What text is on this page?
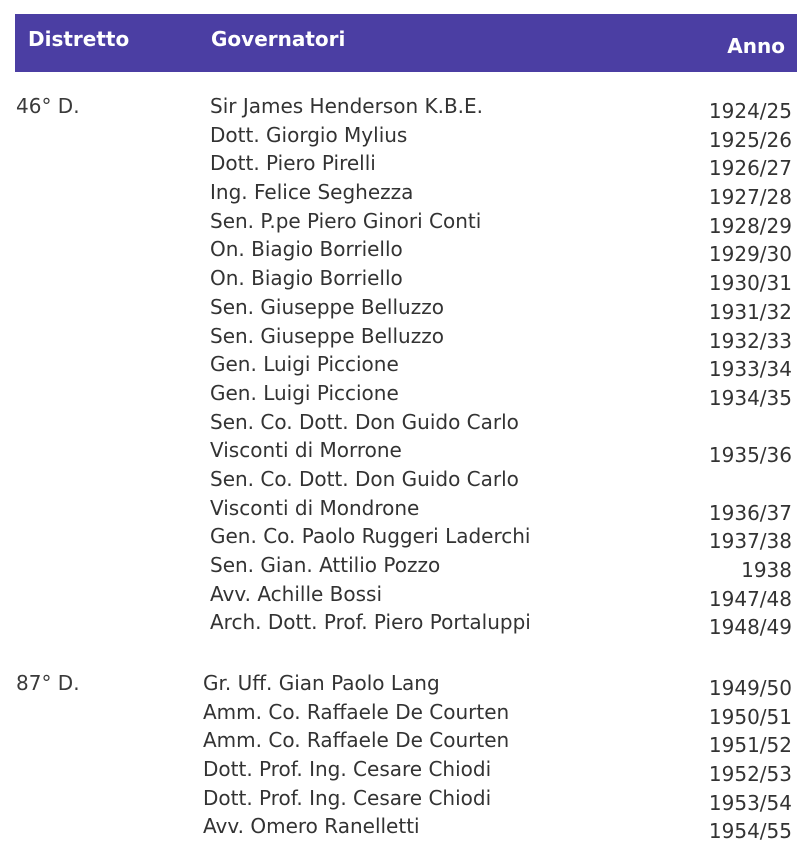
Distretto	Governatori	Anno
46° D.	Sir James Henderson K.B.E.	1924/25
Dott. Giorgio Mylius	1925/26
Dott. Piero Pirelli	1926/27
Ing. Felice Seghezza	1927/28
Sen. P.pe Piero Ginori Conti	1928/29
On. Biagio Borriello	1929/30
On. Biagio Borriello	1930/31
Sen. Giuseppe Belluzzo	1931/32
Sen. Giuseppe Belluzzo	1932/33
Gen. Luigi Piccione	1933/34
Gen. Luigi Piccione	1934/35
Sen. Co. Dott. Don Guido Carlo
Visconti di Morrone	1935/36
Sen. Co. Dott. Don Guido Carlo
Visconti di Mondrone	1936/37
Gen. Co. Paolo Ruggeri Laderchi	1937/38
Sen. Gian. Attilio Pozzo	1938
Avv. Achille Bossi	1947/48
Arch. Dott. Prof. Piero Portaluppi	1948/49
87° D.	Gr. Uff. Gian Paolo Lang	1949/50
Amm. Co. Raffaele De Courten	1950/51
Amm. Co. Raffaele De Courten	1951/52
Dott. Prof. Ing. Cesare Chiodi	1952/53
Dott. Prof. Ing. Cesare Chiodi	1953/54
Avv. Omero Ranelletti	1954/55
